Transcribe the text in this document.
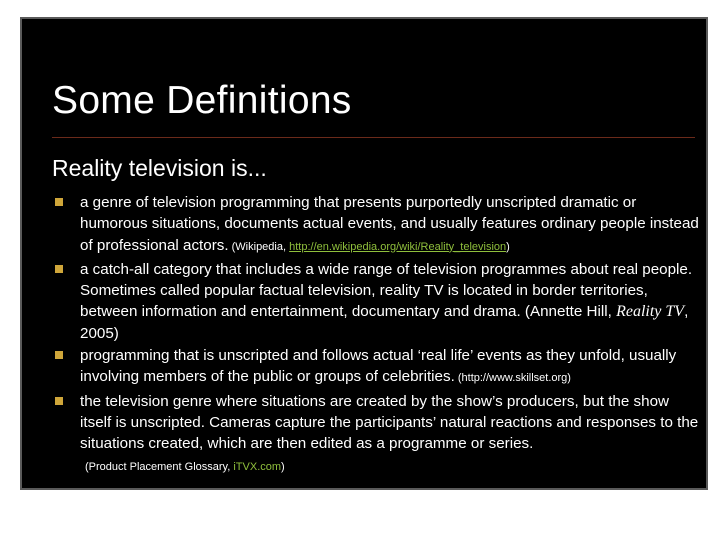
Some Definitions
Reality television is...
a genre of television programming that presents purportedly unscripted dramatic or humorous situations, documents actual events, and usually features ordinary people instead of professional actors. (Wikipedia, http://en.wikipedia.org/wiki/Reality_television)
a catch-all category that includes a wide range of television programmes about real people. Sometimes called popular factual television, reality TV is located in border territories, between information and entertainment, documentary and drama. (Annette Hill, Reality TV, 2005)
programming that is unscripted and follows actual ‘real life’ events as they unfold, usually involving members of the public or groups of celebrities. (http://www.skillset.org)
the television genre where situations are created by the show’s producers, but the show itself is unscripted. Cameras capture the participants’ natural reactions and responses to the situations created, which are then edited as a programme or series.
(Product Placement Glossary, iTVX.com)
